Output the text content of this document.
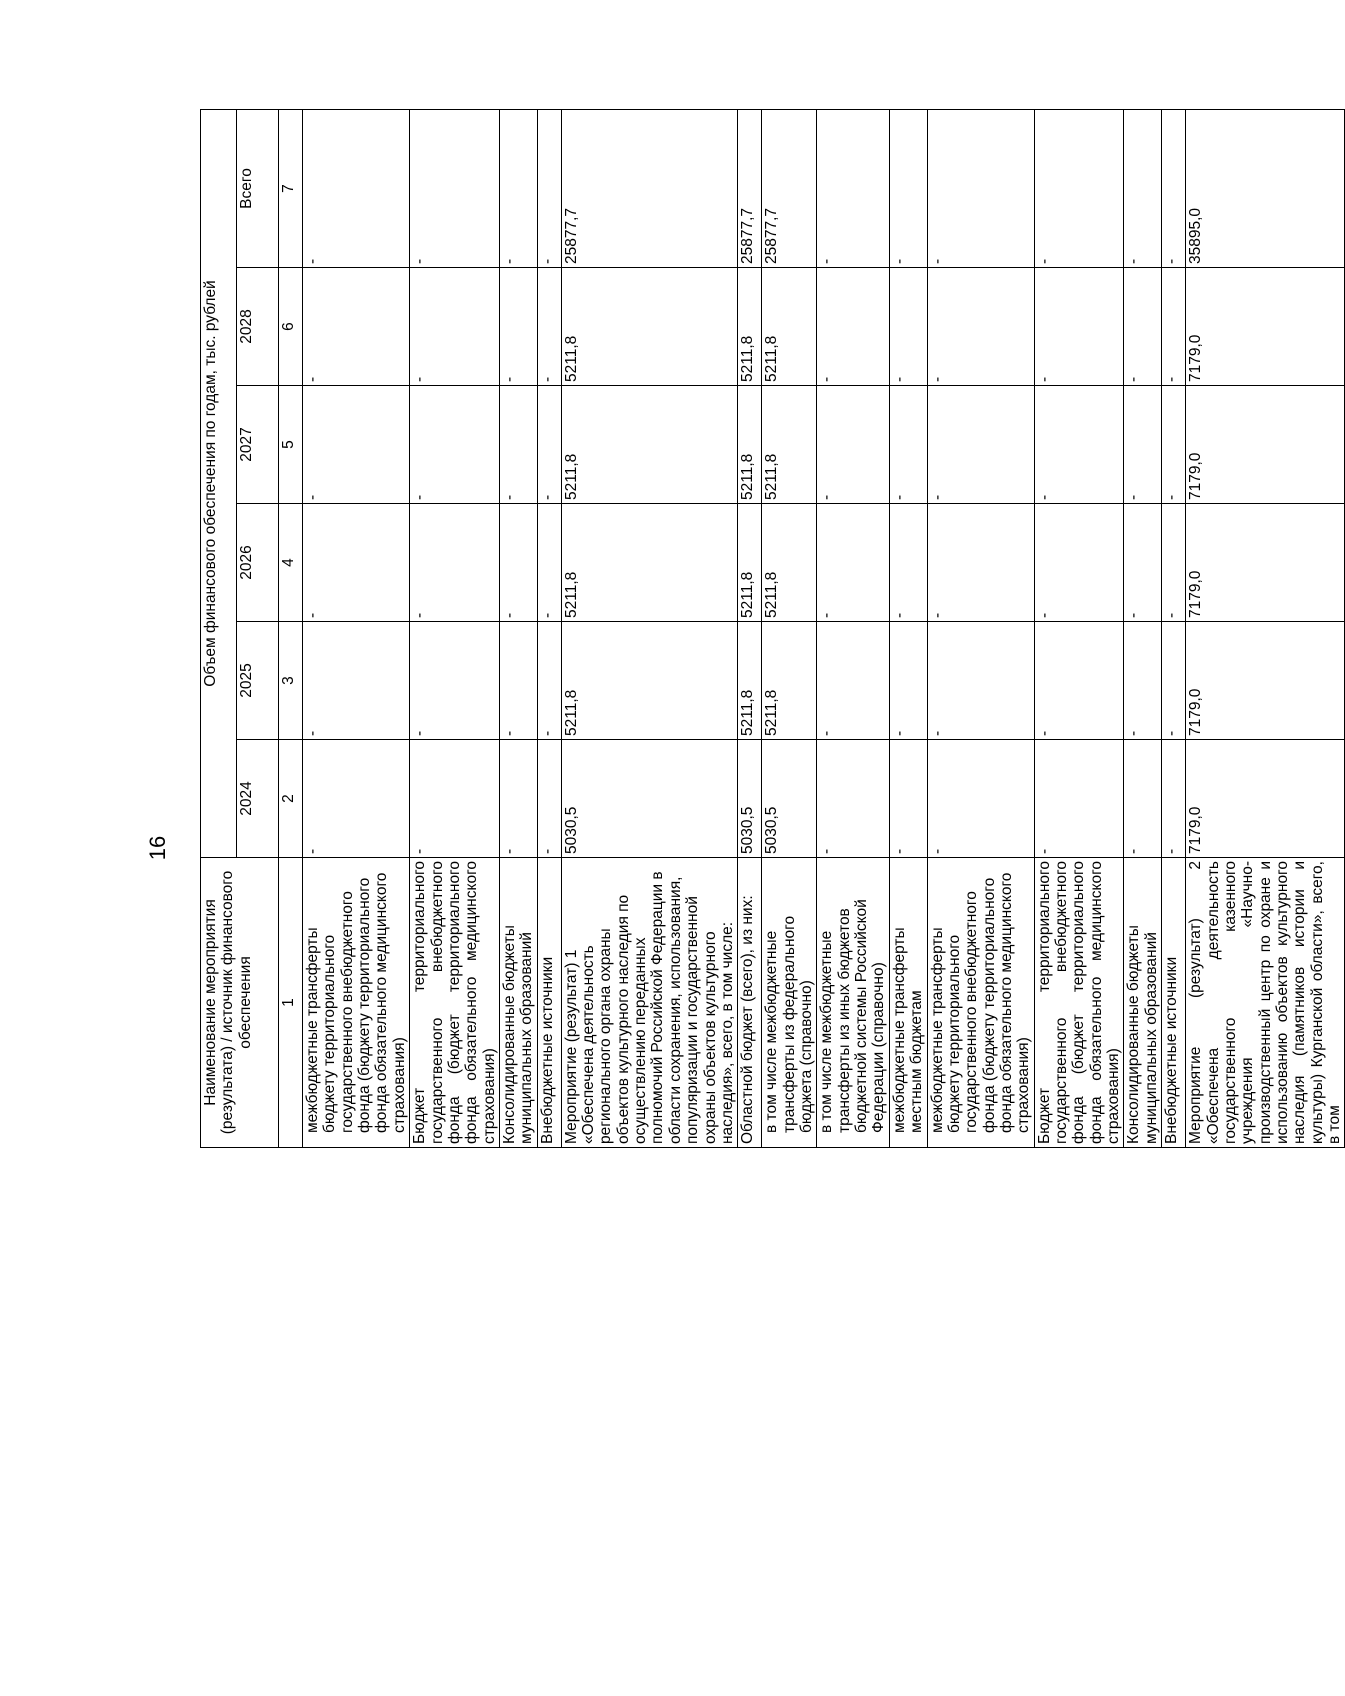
16
Наименование мероприятия (результата) / источник финансового обеспечения	Объем финансового обеспечения по годам, тыс. рублей					
	2024	2025	2026	2027	2028	Всего
1	2	3	4	5	6	7
межбюджетные трансферты бюджету территориального государственного внебюджетного фонда (бюджету территориального фонда обязательного медицинского страхования)	-	-	-	-	-	-
Бюджет территориального государственного внебюджетного фонда (бюджет территориального фонда обязательного медицинского страхования)	-	-	-	-	-	-
Консолидированные бюджеты муниципальных образований	-	-	-	-	-	-
Внебюджетные источники	-	-	-	-	-	-
Мероприятие (результат) 1 «Обеспечена деятельность регионального органа охраны объектов культурного наследия по осуществлению переданных полномочий Российской Федерации в области сохранения, использования, популяризации и государственной охраны объектов культурного наследия», всего, в том числе:	5030,5	5211,8	5211,8	5211,8	5211,8	25877,7
Областной бюджет (всего), из них:	5030,5	5211,8	5211,8	5211,8	5211,8	25877,7
в том числе межбюджетные трансферты из федерального бюджета (справочно)	5030,5	5211,8	5211,8	5211,8	5211,8	25877,7
в том числе межбюджетные трансферты из иных бюджетов бюджетной системы Российской Федерации (справочно)	-	-	-	-	-	-
межбюджетные трансферты местным бюджетам	-	-	-	-	-	-
межбюджетные трансферты бюджету территориального государственного внебюджетного фонда (бюджету территориального фонда обязательного медицинского страхования)	-	-	-	-	-	-
Бюджет территориального государственного внебюджетного фонда (бюджет территориального фонда обязательного медицинского страхования)	-	-	-	-	-	-
Консолидированные бюджеты муниципальных образований	-	-	-	-	-	-
Внебюджетные источники	-	-	-	-	-	-
Мероприятие (результат) 2 «Обеспечена деятельность государственного казенного учреждения «Научно-производственный центр по охране и использованию объектов культурного наследия (памятников истории и культуры) Курганской области», всего, в том	7179,0	7179,0	7179,0	7179,0	7179,0	35895,0
